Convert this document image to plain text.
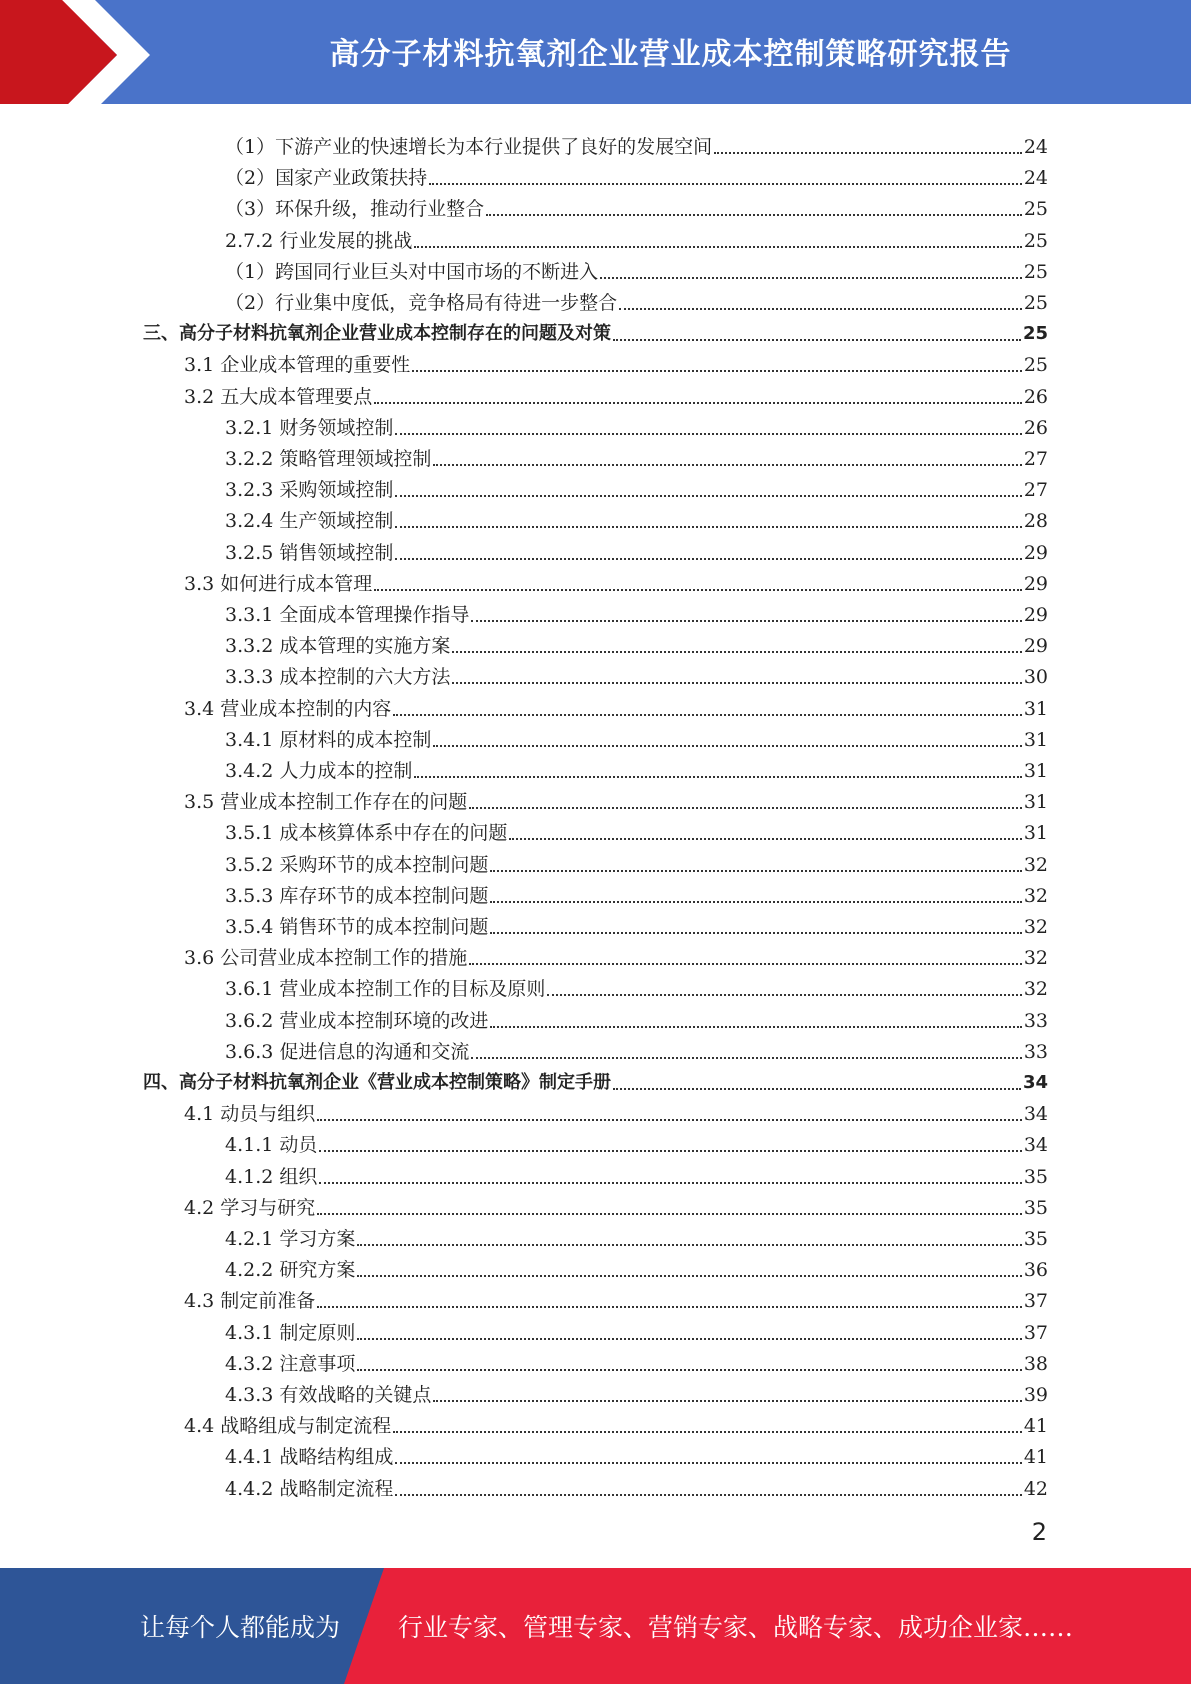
高分子材料抗氧剂企业营业成本控制策略研究报告
（1）下游产业的快速增长为本行业提供了良好的发展空间	24
（2）国家产业政策扶持	24
（3）环保升级，推动行业整合	25
2.7.2 行业发展的挑战	25
（1）跨国同行业巨头对中国市场的不断进入	25
（2）行业集中度低，竞争格局有待进一步整合	25
三、高分子材料抗氧剂企业营业成本控制存在的问题及对策	25
3.1 企业成本管理的重要性	25
3.2 五大成本管理要点	26
3.2.1 财务领域控制	26
3.2.2 策略管理领域控制	27
3.2.3 采购领域控制	27
3.2.4 生产领域控制	28
3.2.5 销售领域控制	29
3.3 如何进行成本管理	29
3.3.1 全面成本管理操作指导	29
3.3.2 成本管理的实施方案	29
3.3.3 成本控制的六大方法	30
3.4 营业成本控制的内容	31
3.4.1 原材料的成本控制	31
3.4.2 人力成本的控制	31
3.5 营业成本控制工作存在的问题	31
3.5.1 成本核算体系中存在的问题	31
3.5.2 采购环节的成本控制问题	32
3.5.3 库存环节的成本控制问题	32
3.5.4 销售环节的成本控制问题	32
3.6 公司营业成本控制工作的措施	32
3.6.1 营业成本控制工作的目标及原则	32
3.6.2 营业成本控制环境的改进	33
3.6.3 促进信息的沟通和交流	33
四、高分子材料抗氧剂企业《营业成本控制策略》制定手册	34
4.1 动员与组织	34
4.1.1 动员	34
4.1.2 组织	35
4.2 学习与研究	35
4.2.1 学习方案	35
4.2.2 研究方案	36
4.3 制定前准备	37
4.3.1 制定原则	37
4.3.2 注意事项	38
4.3.3 有效战略的关键点	39
4.4 战略组成与制定流程	41
4.4.1 战略结构组成	41
4.4.2 战略制定流程	42
2
让每个人都能成为 行业专家、管理专家、营销专家、战略专家、成功企业家……
